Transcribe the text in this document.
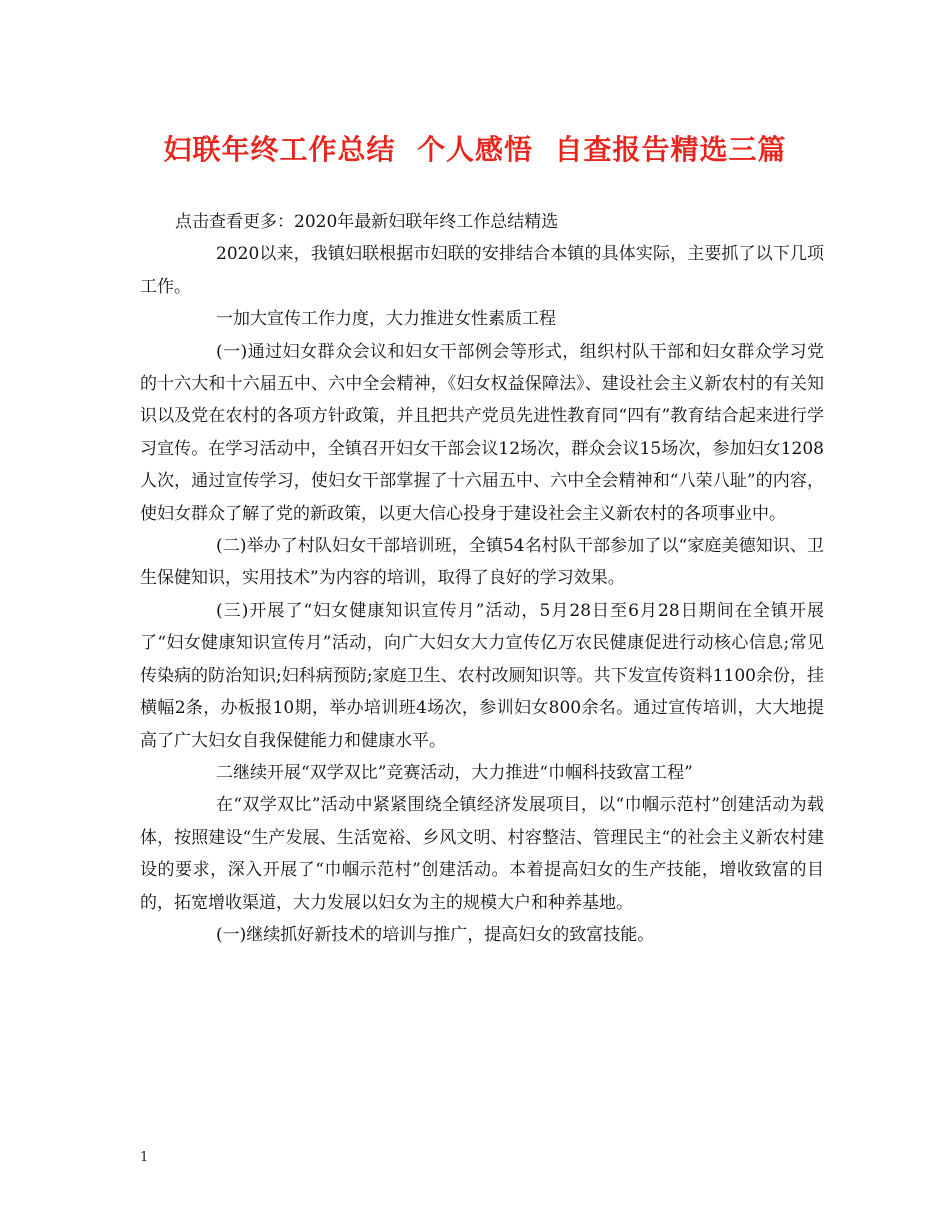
妇联年终工作总结  个人感悟  自查报告精选三篇

点击查看更多：2020年最新妇联年终工作总结精选

2020以来，我镇妇联根据市妇联的安排结合本镇的具体实际，主要抓了以下几项工作。

一加大宣传工作力度，大力推进女性素质工程

(一)通过妇女群众会议和妇女干部例会等形式，组织村队干部和妇女群众学习党的十六大和十六届五中、六中全会精神，《妇女权益保障法》、建设社会主义新农村的有关知识以及党在农村的各项方针政策，并且把共产党员先进性教育同“四有”教育结合起来进行学习宣传。在学习活动中，全镇召开妇女干部会议12场次，群众会议15场次，参加妇女1208人次，通过宣传学习，使妇女干部掌握了十六届五中、六中全会精神和“八荣八耻”的内容，使妇女群众了解了党的新政策，以更大信心投身于建设社会主义新农村的各项事业中。

(二)举办了村队妇女干部培训班，全镇54名村队干部参加了以“家庭美德知识、卫生保健知识，实用技术”为内容的培训，取得了良好的学习效果。

(三)开展了“妇女健康知识宣传月”活动，5月28日至6月28日期间在全镇开展了“妇女健康知识宣传月”活动，向广大妇女大力宣传亿万农民健康促进行动核心信息;常见传染病的防治知识;妇科病预防;家庭卫生、农村改厕知识等。共下发宣传资料1100余份，挂横幅2条，办板报10期，举办培训班4场次，参训妇女800余名。通过宣传培训，大大地提高了广大妇女自我保健能力和健康水平。

二继续开展“双学双比”竞赛活动，大力推进“巾帼科技致富工程”

在“双学双比”活动中紧紧围绕全镇经济发展项目，以“巾帼示范村”创建活动为载体，按照建设“生产发展、生活宽裕、乡风文明、村容整洁、管理民主“的社会主义新农村建设的要求，深入开展了“巾帼示范村”创建活动。本着提高妇女的生产技能，增收致富的目的，拓宽增收渠道，大力发展以妇女为主的规模大户和种养基地。

(一)继续抓好新技术的培训与推广，提高妇女的致富技能。

1
